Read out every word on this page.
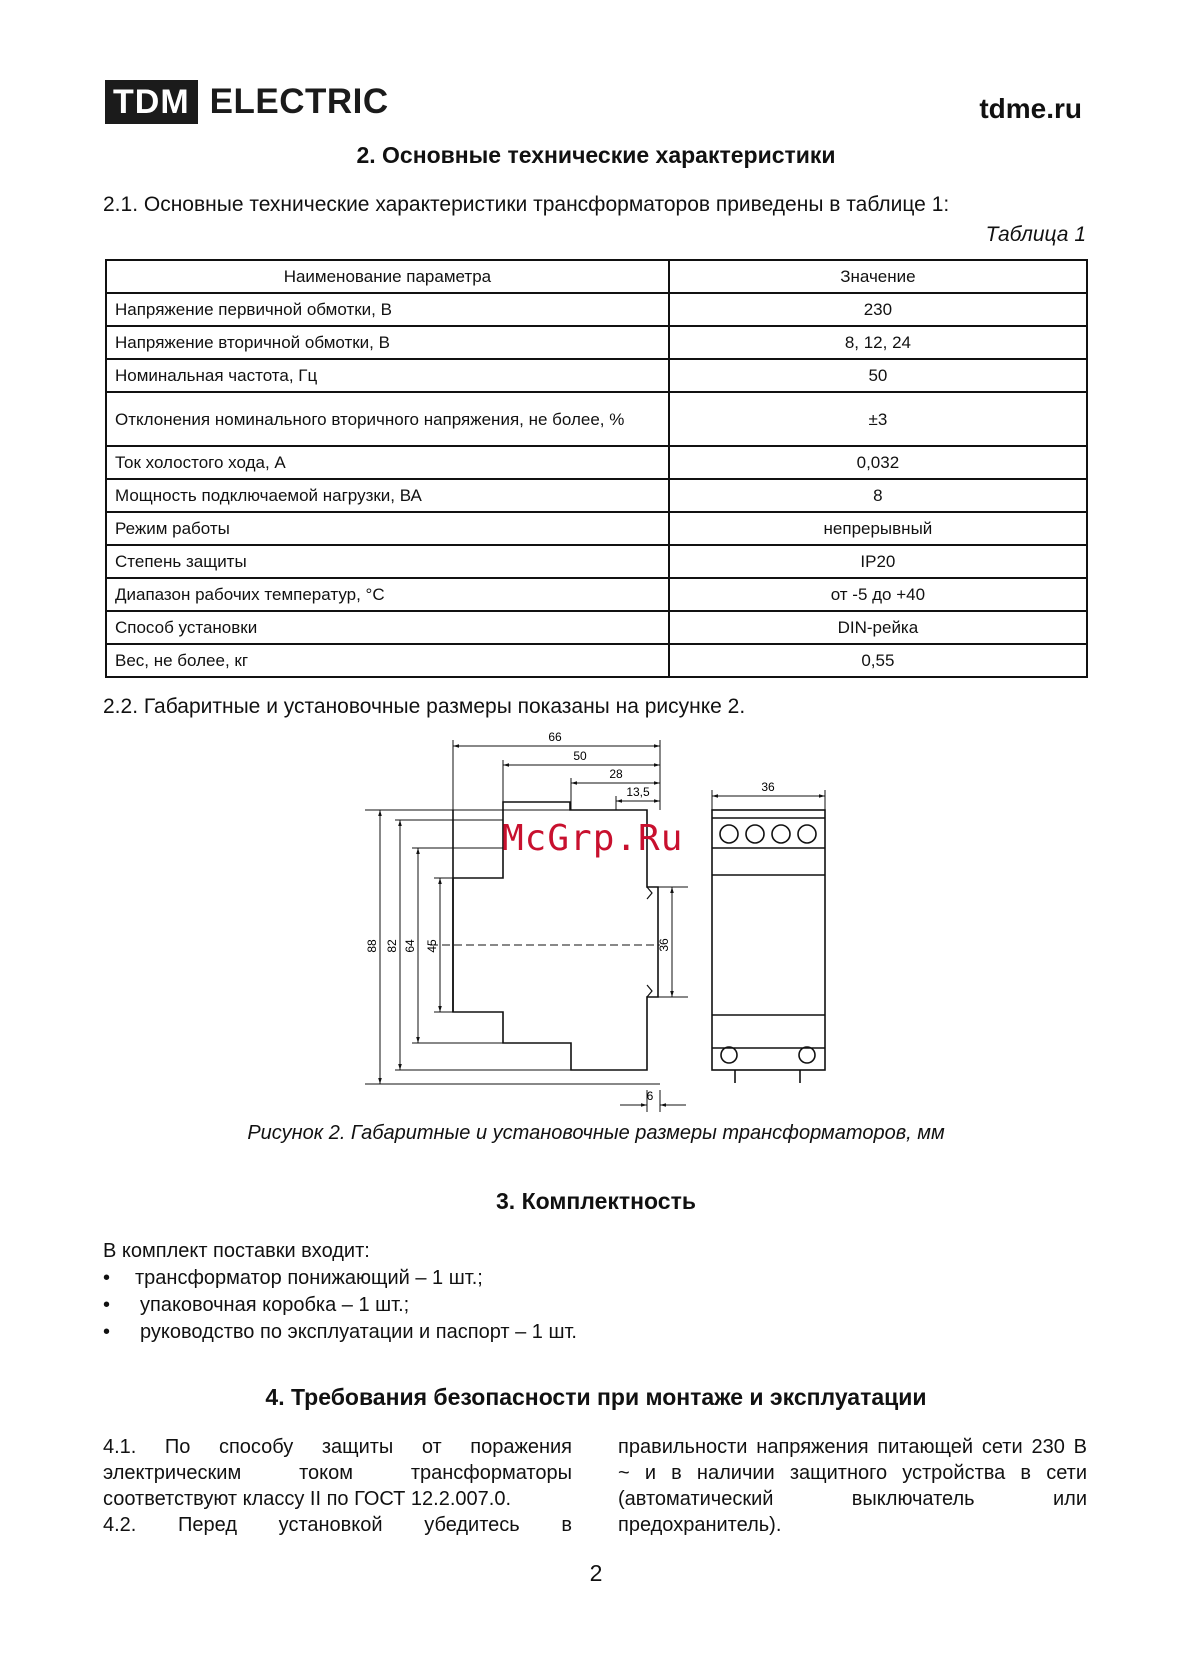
TDM ELECTRIC	tdme.ru
2. Основные технические характеристики
2.1. Основные технические характеристики трансформаторов приведены в таблице 1:
Таблица 1
Наименование параметра	Значение
Напряжение первичной обмотки, В	230
Напряжение вторичной обмотки, В	8, 12, 24
Номинальная частота, Гц	50
Отклонения номинального вторичного напряжения, не более, %	±3
Ток холостого хода, А	0,032
Мощность подключаемой нагрузки, ВА	8
Режим работы	непрерывный
Степень защиты	IP20
Диапазон рабочих температур, °С	от -5 до +40
Способ установки	DIN-рейка
Вес, не более, кг	0,55
2.2. Габаритные и установочные размеры показаны на рисунке 2.
66
50
28
13,5
88 82 64 45	36
6
36
McGrp.Ru
Рисунок 2. Габаритные и установочные размеры трансформаторов, мм
3. Комплектность
В комплект поставки входит:
•	трансформатор понижающий – 1 шт.;
•	упаковочная коробка – 1 шт.;
•	руководство по эксплуатации и паспорт – 1 шт.
4. Требования безопасности при монтаже и эксплуатации
4.1. По способу защиты от поражения электрическим током трансформаторы соответствуют классу II по ГОСТ 12.2.007.0.
4.2. Перед установкой убедитесь в
правильности напряжения питающей сети 230 В ~ и в наличии защитного устройства в сети (автоматический выключатель или предохранитель).
2
